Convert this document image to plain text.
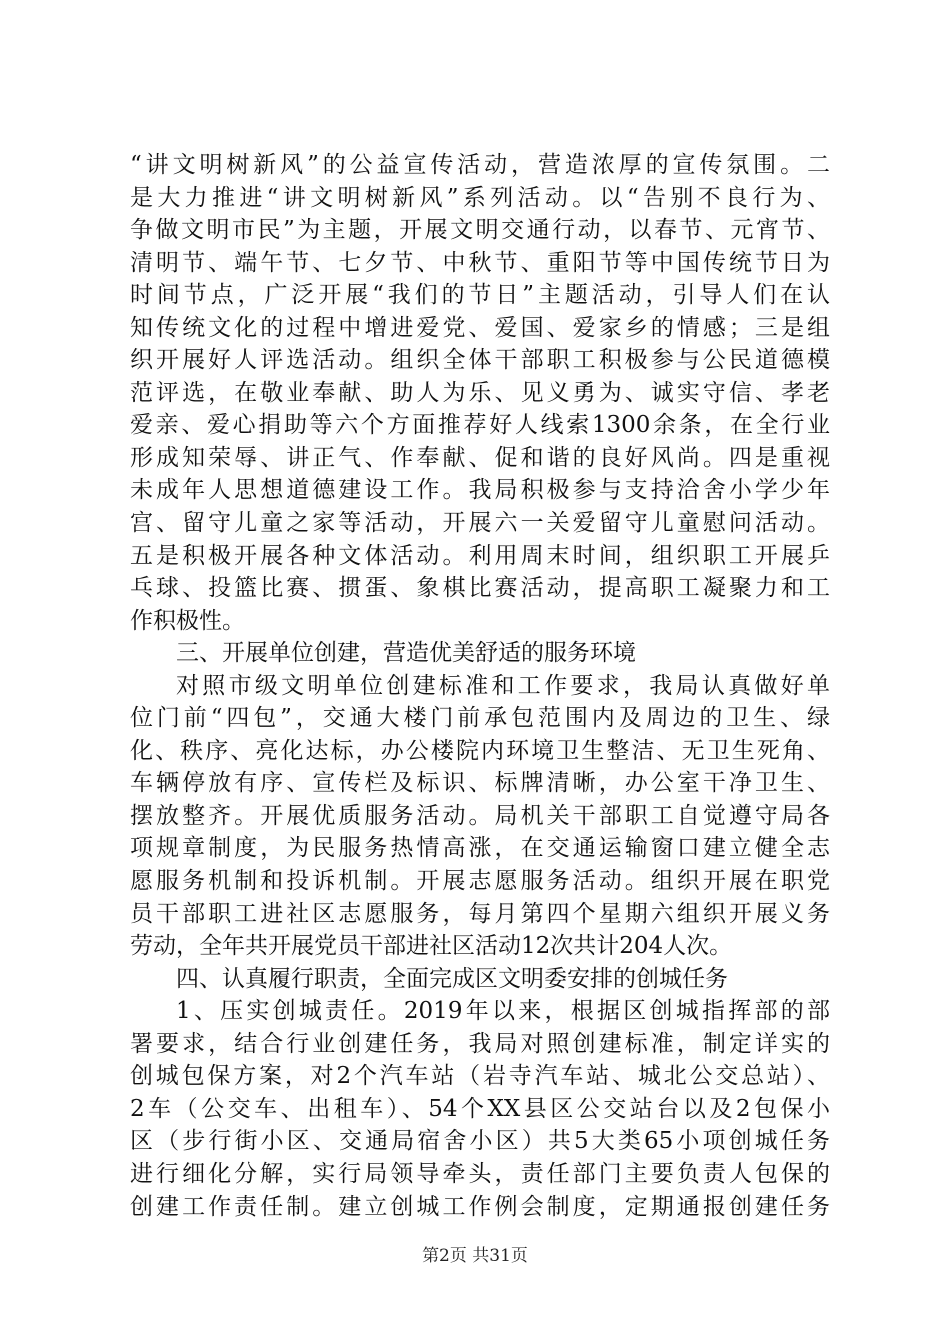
“讲文明树新风”的公益宣传活动，营造浓厚的宣传氛围。二
是大力推进“讲文明树新风”系列活动。以“告别不良行为、
争做文明市民”为主题，开展文明交通行动，以春节、元宵节、
清明节、端午节、七夕节、中秋节、重阳节等中国传统节日为
时间节点，广泛开展“我们的节日”主题活动，引导人们在认
知传统文化的过程中增进爱党、爱国、爱家乡的情感；三是组
织开展好人评选活动。组织全体干部职工积极参与公民道德模
范评选，在敬业奉献、助人为乐、见义勇为、诚实守信、孝老
爱亲、爱心捐助等六个方面推荐好人线索1300余条，在全行业
形成知荣辱、讲正气、作奉献、促和谐的良好风尚。四是重视
未成年人思想道德建设工作。我局积极参与支持洽舍小学少年
宫、留守儿童之家等活动，开展六一关爱留守儿童慰问活动。
五是积极开展各种文体活动。利用周末时间，组织职工开展乒
乓球、投篮比赛、掼蛋、象棋比赛活动，提高职工凝聚力和工
作积极性。
三、开展单位创建，营造优美舒适的服务环境
对照市级文明单位创建标准和工作要求，我局认真做好单
位门前“四包”，交通大楼门前承包范围内及周边的卫生、绿
化、秩序、亮化达标，办公楼院内环境卫生整洁、无卫生死角、
车辆停放有序、宣传栏及标识、标牌清晰，办公室干净卫生、
摆放整齐。开展优质服务活动。局机关干部职工自觉遵守局各
项规章制度，为民服务热情高涨，在交通运输窗口建立健全志
愿服务机制和投诉机制。开展志愿服务活动。组织开展在职党
员干部职工进社区志愿服务，每月第四个星期六组织开展义务
劳动，全年共开展党员干部进社区活动12次共计204人次。
四、认真履行职责，全面完成区文明委安排的创城任务
1、压实创城责任。2019年以来，根据区创城指挥部的部
署要求，结合行业创建任务，我局对照创建标准，制定详实的
创城包保方案，对2个汽车站（岩寺汽车站、城北公交总站）、
2车（公交车、出租车）、54个XX县区公交站台以及2包保小
区（步行街小区、交通局宿舍小区）共5大类65小项创城任务
进行细化分解，实行局领导牵头，责任部门主要负责人包保的
创建工作责任制。建立创城工作例会制度，定期通报创建任务
第2页 共31页
